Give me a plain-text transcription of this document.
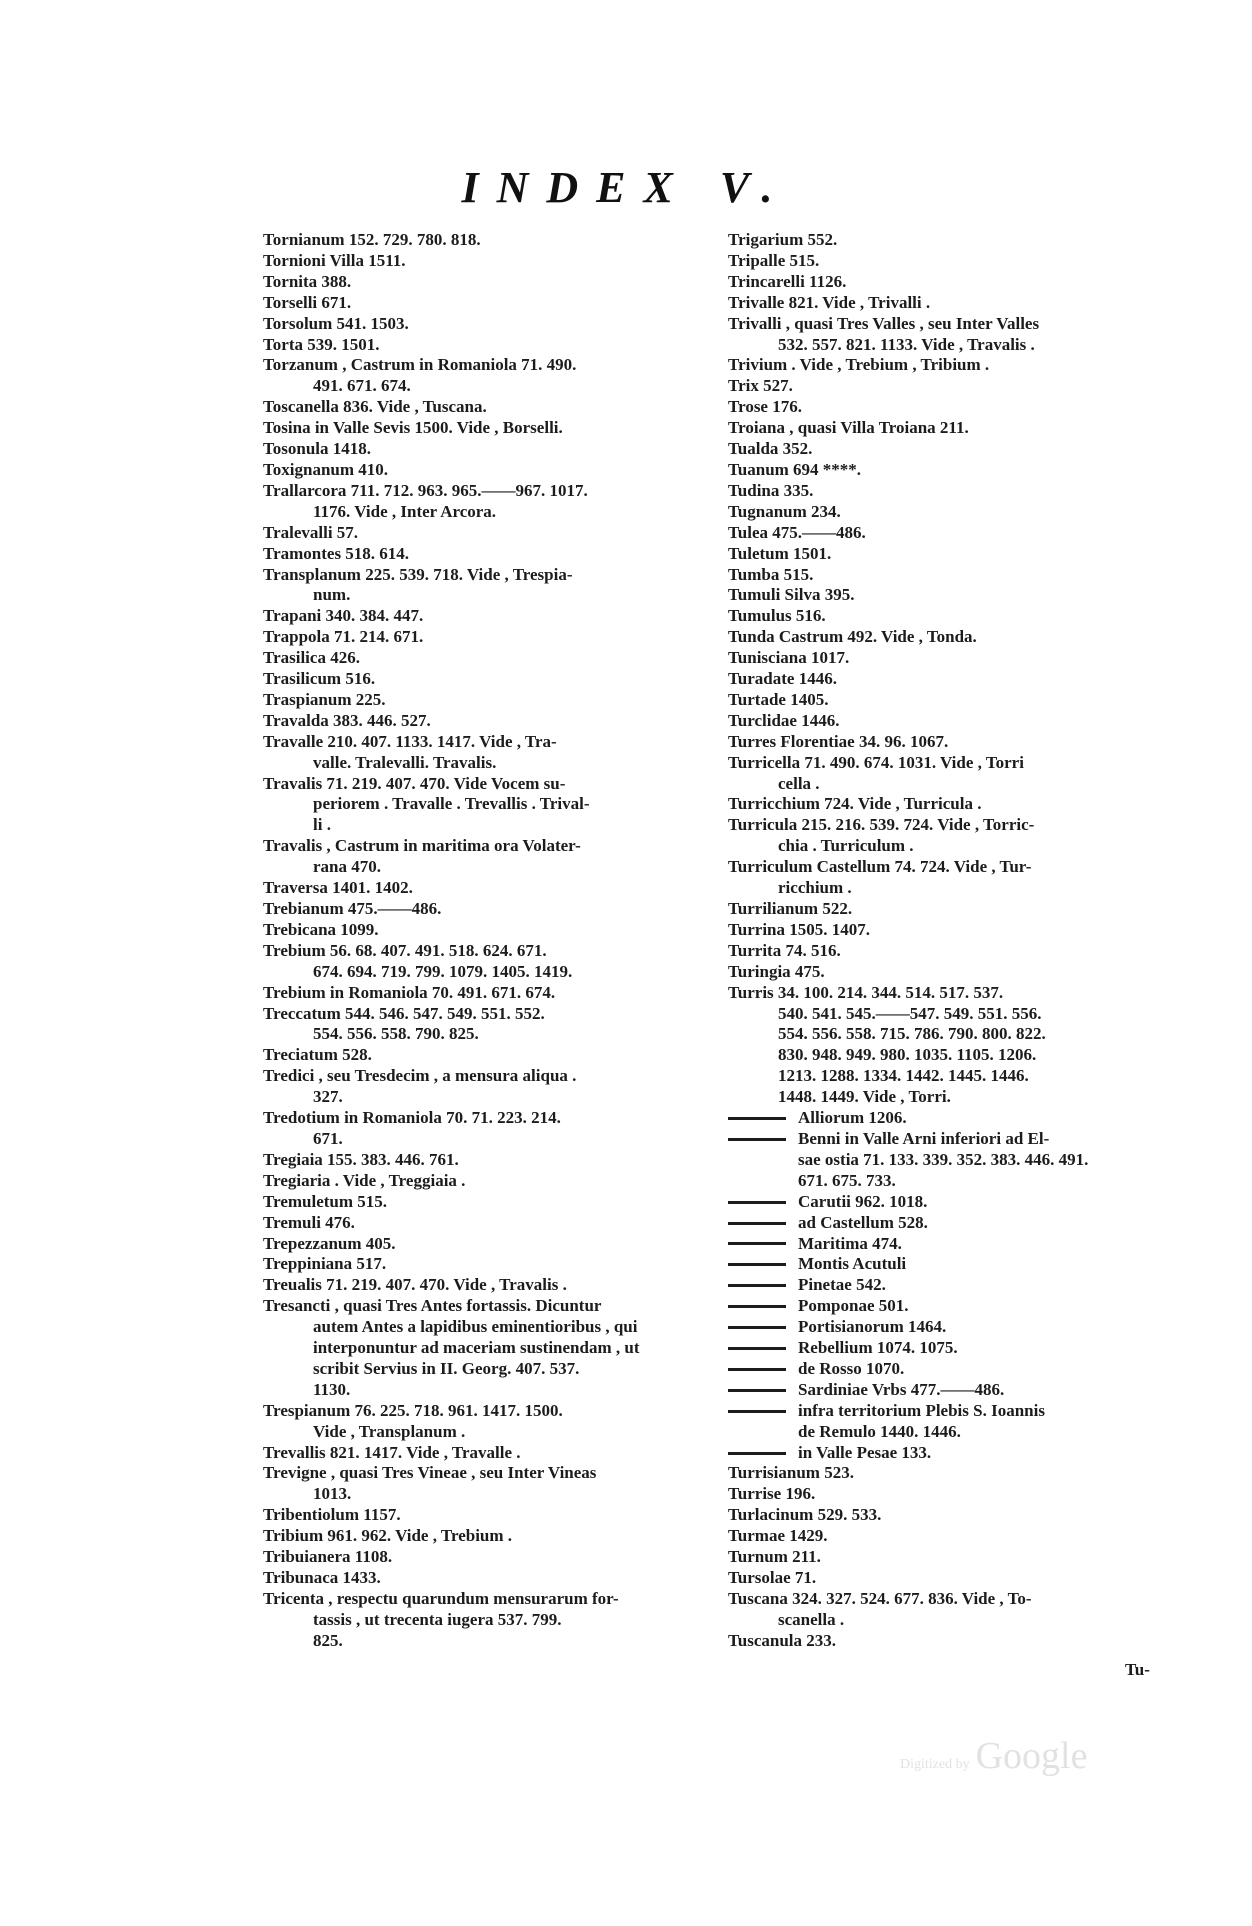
INDEX V.
Tornianum 152. 729. 780. 818.
Tornioni Villa 1511.
Tornita 388.
Torselli 671.
Torsolum 541. 1503.
Torta 539. 1501.
Torzanum , Castrum in Romaniola 71. 490.
491. 671. 674.
Toscanella 836. Vide , Tuscana.
Tosina in Valle Sevis 1500. Vide , Borselli.
Tosonula 1418.
Toxignanum 410.
Trallarcora 711. 712. 963. 965.——967. 1017.
1176. Vide , Inter Arcora.
Tralevalli 57.
Tramontes 518. 614.
Transplanum 225. 539. 718. Vide , Trespia-
num.
Trapani 340. 384. 447.
Trappola 71. 214. 671.
Trasilica 426.
Trasilicum 516.
Traspianum 225.
Travalda 383. 446. 527.
Travalle 210. 407. 1133. 1417. Vide , Tra-
valle. Tralevalli. Travalis.
Travalis 71. 219. 407. 470. Vide Vocem su-
periorem . Travalle . Trevallis . Trival-
li .
Travalis , Castrum in maritima ora Volater-
rana 470.
Traversa 1401. 1402.
Trebianum 475.——486.
Trebicana 1099.
Trebium 56. 68. 407. 491. 518. 624. 671.
674. 694. 719. 799. 1079. 1405. 1419.
Trebium in Romaniola 70. 491. 671. 674.
Treccatum 544. 546. 547. 549. 551. 552.
554. 556. 558. 790. 825.
Treciatum 528.
Tredici , seu Tresdecim , a mensura aliqua .
327.
Tredotium in Romaniola 70. 71. 223. 214.
671.
Tregiaia 155. 383. 446. 761.
Tregiaria . Vide , Treggiaia .
Tremuletum 515.
Tremuli 476.
Trepezzanum 405.
Treppiniana 517.
Treualis 71. 219. 407. 470. Vide , Travalis .
Tresancti , quasi Tres Antes fortassis. Dicuntur
autem Antes a lapidibus eminentioribus , qui
interponuntur ad maceriam sustinendam , ut
scribit Servius in II. Georg. 407. 537.
1130.
Trespianum 76. 225. 718. 961. 1417. 1500.
Vide , Transplanum .
Trevallis 821. 1417. Vide , Travalle .
Trevigne , quasi Tres Vineae , seu Inter Vineas
1013.
Tribentiolum 1157.
Tribium 961. 962. Vide , Trebium .
Tribuianera 1108.
Tribunaca 1433.
Tricenta , respectu quarundum mensurarum for-
tassis , ut trecenta iugera 537. 799.
825.
Trigarium 552.
Tripalle 515.
Trincarelli 1126.
Trivalle 821. Vide , Trivalli .
Trivalli , quasi Tres Valles , seu Inter Valles
532. 557. 821. 1133. Vide , Travalis .
Trivium . Vide , Trebium , Tribium .
Trix 527.
Trose 176.
Troiana , quasi Villa Troiana 211.
Tualda 352.
Tuanum 694 ****.
Tudina 335.
Tugnanum 234.
Tulea 475.——486.
Tuletum 1501.
Tumba 515.
Tumuli Silva 395.
Tumulus 516.
Tunda Castrum 492. Vide , Tonda.
Tunisciana 1017.
Turadate 1446.
Turtade 1405.
Turclidae 1446.
Turres Florentiae 34. 96. 1067.
Turricella 71. 490. 674. 1031. Vide , Torri
cella .
Turricchium 724. Vide , Turricula .
Turricula 215. 216. 539. 724. Vide , Torric-
chia . Turriculum .
Turriculum Castellum 74. 724. Vide , Tur-
ricchium .
Turrilianum 522.
Turrina 1505. 1407.
Turrita 74. 516.
Turingia 475.
Turris 34. 100. 214. 344. 514. 517. 537.
540. 541. 545.——547. 549. 551. 556.
554. 556. 558. 715. 786. 790. 800. 822.
830. 948. 949. 980. 1035. 1105. 1206.
1213. 1288. 1334. 1442. 1445. 1446.
1448. 1449. Vide , Torri.
Alliorum 1206.
Benni in Valle Arni inferiori ad El-
sae ostia 71. 133. 339. 352. 383. 446. 491.
671. 675. 733.
Carutii 962. 1018.
ad Castellum 528.
Maritima 474.
Montis Acutuli
Pinetae 542.
Pomponae 501.
Portisianorum 1464.
Rebellium 1074. 1075.
de Rosso 1070.
Sardiniae Vrbs 477.——486.
infra territorium Plebis S. Ioannis
de Remulo 1440. 1446.
in Valle Pesae 133.
Turrisianum 523.
Turrise 196.
Turlacinum 529. 533.
Turmae 1429.
Turnum 211.
Tursolae 71.
Tuscana 324. 327. 524. 677. 836. Vide , To-
scanella .
Tuscanula 233.
Tu-
Digitized by Google
